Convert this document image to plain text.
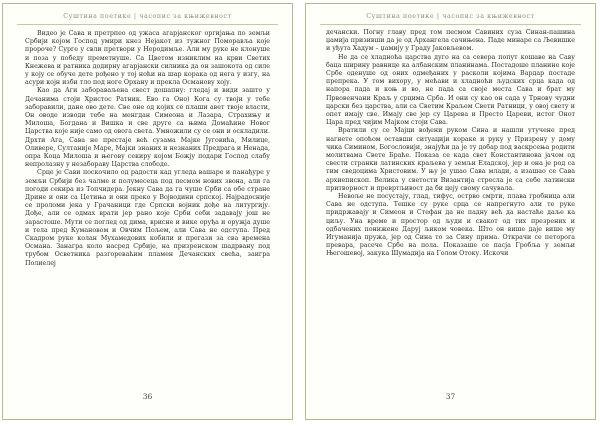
Суштина поетике | часопис за књижевност

Видео је Сава и претрпео од ужаса агарјанског оргијања по земљи Србији којом Господ умири кнез Нејакот из тужног Поморавља које пророче? Сурге у свли претвори у Неродимље. Али му руке не клонуше и поза у победу преметнуше. Са Цветом изниклим на крви Светих Кнежева и ратника додирну агарјански силника да он зашокота од силе у коју се обуче дете рођено у тој ноћи на шар корака од нега у изгу, на асури којн изби тло под ноге Орхану и прекла Османову хоју.

Као да Аги забораваљена свест дошапну: гледај и види зашто у Дечанима стоји Христос Ратник. Ево га Оно) Кога су твоји у тебе заборавили, дане ово дете. Све оне од којих се плаши авет твоје власти, Он оводе изводи тебе на менгдан Симеона и Лазара, Страхињу и Милоша, Богдана и Вишка и све друге са њима Домаћине Новог Царства које није само од овога света. Умножили су се они и оскладили. Дрхти Ага, Сава не престаје већ сузама Мајке Југовића, Милице, Оливере, Султаније Маре, Мајки знаних и незнаних Предрага и Ненада, опра Коца Милоша и његову секиру којом Божју подари Господ слабу непролазну у незабораву Царства слободе.

Срце је Сави поскочило од радости кад угледа вашаре и панађуре у земљи Србији без чалме и полумесеца под песмом нових звона, али га погоди секира из Топчидера. Јекну Сава да га чуше Срби са обе стране Дрине и они са Цетиња и они преко у Војводини српској. Најрадосније се проломи јека у Грачаници где Српски војник дође на литургију. Дође, али се одмах врати јер рано које Срби себи задавају још не зарастоше. Мути се поглед од дима, врисне и вике оруђа и оружја душе и тела пред Кумановом и Овчим Пољем, али Сава не одступа. Пред Скадром руке колан Мухамедових кобили и прегази за сва времена Османа. Занагра коло насред Србије, на призренском шадрвану под трубом Осветника разгореваћим пламен Дечанских свећа, заигра Полиелеј

36
Суштина поетике | часопис за књижевност

дечански. Погну главу пред том песмом Савиних суза Синан-пашина џамија призивши да је од Архангела сачињена. Паде минаре са Љевишке и уђута Хадум – џамију у Граду Јаковљевом.

Не да се хладноћа царства дуго на са севера попут кошаве на Саву баца ширину равнице ка албанским планинама. Постадоше планине које Србе оденуше од оних одмеђаних у расколи којима Вардар постаде препрека. У том вихору, у мећави и хладноћи људских срца када од напора пада и коњ и во, не пада са своје места Сава и брат му Првовенчани Краљ у срцима Срба. И они су као он сада у Трнову чудни царски без царства, али са Светим Краљем Свети Ратници, у овој свету и опет имају све. Имају све јер су Царева и Престо Цареви, истог Онот Царa пред чијим Мајком стоји Сава.

Вратили су се Мајци вођени руком Сина и нашли утучене пред нагнете опоћом оставши ситуацији кораке и руку у Призрену у дому чика Симином, Богословији, знајући да је ту добар под васкрсења родити молитвама Свете Браће. Показа се када свет Константинова јачом од свести странки латинских краљева у земљи Еладској, јер и она је род са тим сведоцима Христовим. У њу је ушао Сава млади, а изашао се Сава архиепископ. Велика у светости Византија стресла је са себе латински притворност и превртљивост да би цеју свому сачувала.

Невоље не посустају, глад, тифус, острво смрти, плава гробница али Сава не одступа. Тешке су руке срца се напрегнуто али те руке придржавају и Симеон и Стефан да не падну већ да настаће даље ка циљу. Уна време и простор од људи и свакот од тих презрених и одбачених понижене Даруј љиком човека. Што он више даје више му Игуманија пружа, јер од Сина то за Сину прима. Открачи се петорога превара, расече Србе на пола. Показаше се пасја Гробља у земљи Његошевој, закука Шумадија на Голом Отоку. Искочи

37
